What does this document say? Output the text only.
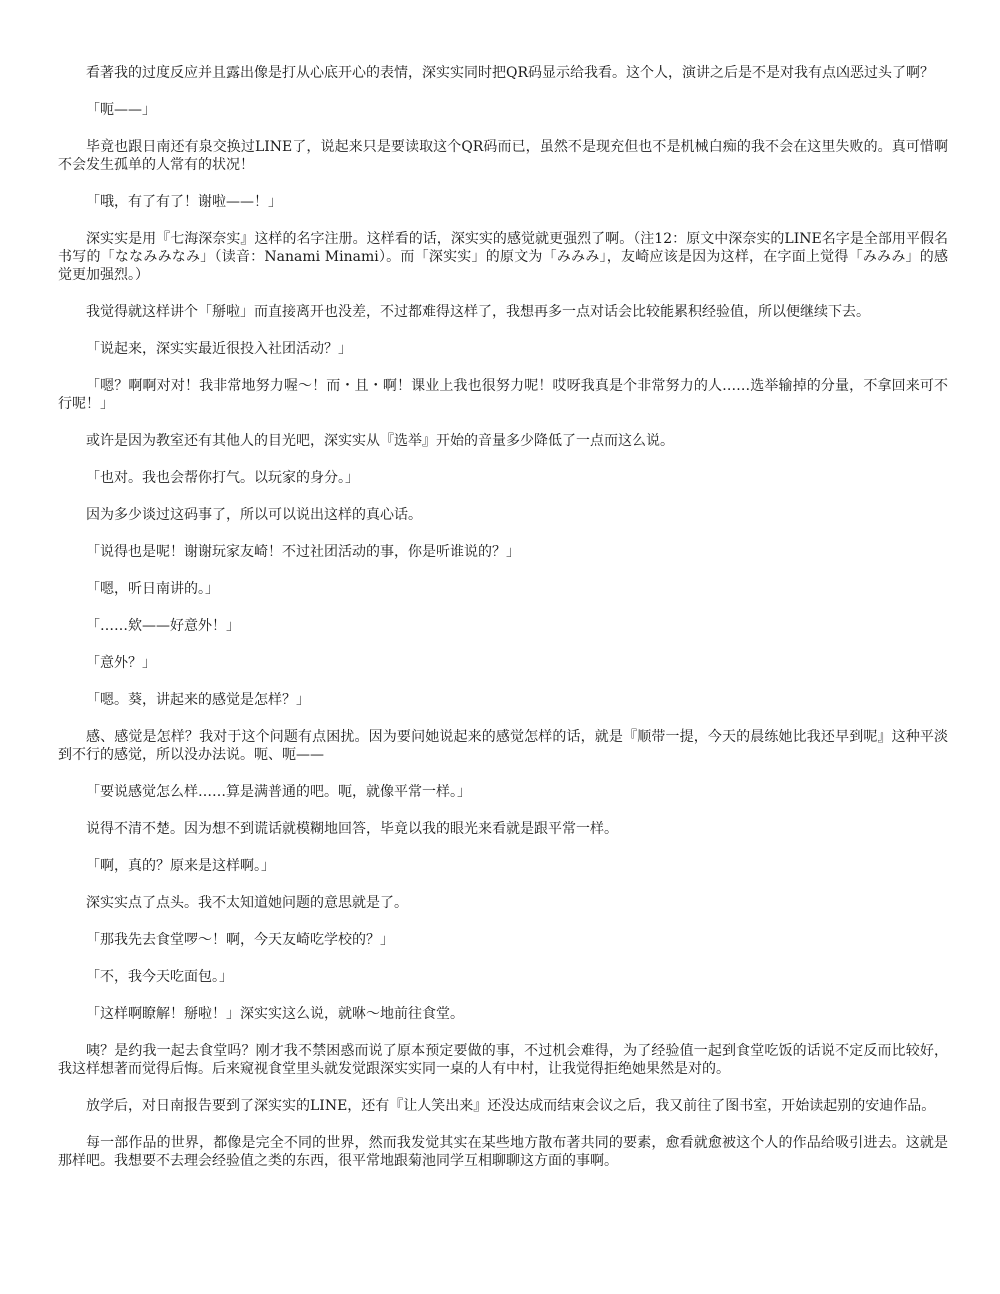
看著我的过度反应并且露出像是打从心底开心的表情，深实实同时把QR码显示给我看。这个人，演讲之后是不是对我有点凶恶过头了啊？

「呃——」

毕竟也跟日南还有泉交换过LINE了，说起来只是要读取这个QR码而已，虽然不是现充但也不是机械白痴的我不会在这里失败的。真可惜啊不会发生孤单的人常有的状况！

「哦，有了有了！谢啦——！」

深实实是用『七海深奈实』这样的名字注册。这样看的话，深实实的感觉就更强烈了啊。（注12：原文中深奈实的LINE名字是全部用平假名书写的「ななみみなみ」（读音：Nanami Minami）。而「深实实」的原文为「みみみ」，友崎应该是因为这样，在字面上觉得「みみみ」的感觉更加强烈。）

我觉得就这样讲个「掰啦」而直接离开也没差，不过都难得这样了，我想再多一点对话会比较能累积经验值，所以便继续下去。

「说起来，深实实最近很投入社团活动？」

「嗯？啊啊对对！我非常地努力喔～！而・且・啊！课业上我也很努力呢！哎呀我真是个非常努力的人……选举输掉的分量，不拿回来可不行呢！」

或许是因为教室还有其他人的目光吧，深实实从『选举』开始的音量多少降低了一点而这么说。

「也对。我也会帮你打气。以玩家的身分。」

因为多少谈过这码事了，所以可以说出这样的真心话。

「说得也是呢！谢谢玩家友崎！不过社团活动的事，你是听谁说的？」

「嗯，听日南讲的。」

「……欸——好意外！」

「意外？」

「嗯。葵，讲起来的感觉是怎样？」

感、感觉是怎样？我对于这个问题有点困扰。因为要问她说起来的感觉怎样的话，就是『顺带一提，今天的晨练她比我还早到呢』这种平淡到不行的感觉，所以没办法说。呃、呃——

「要说感觉怎么样……算是满普通的吧。呃，就像平常一样。」

说得不清不楚。因为想不到谎话就模糊地回答，毕竟以我的眼光来看就是跟平常一样。

「啊，真的？原来是这样啊。」

深实实点了点头。我不太知道她问题的意思就是了。

「那我先去食堂啰～！啊，今天友崎吃学校的？」

「不，我今天吃面包。」

「这样啊瞭解！掰啦！」深实实这么说，就咻～地前往食堂。

咦？是约我一起去食堂吗？刚才我不禁困惑而说了原本预定要做的事，不过机会难得，为了经验值一起到食堂吃饭的话说不定反而比较好，我这样想著而觉得后悔。后来窥视食堂里头就发觉跟深实实同一桌的人有中村，让我觉得拒绝她果然是对的。

放学后，对日南报告要到了深实实的LINE，还有『让人笑出来』还没达成而结束会议之后，我又前往了图书室，开始读起别的安迪作品。

每一部作品的世界，都像是完全不同的世界，然而我发觉其实在某些地方散布著共同的要素，愈看就愈被这个人的作品给吸引进去。这就是那样吧。我想要不去理会经验值之类的东西，很平常地跟菊池同学互相聊聊这方面的事啊。
